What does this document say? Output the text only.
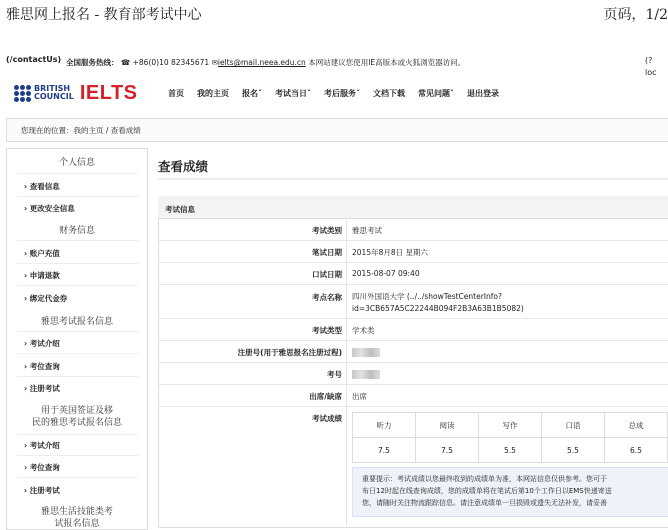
雅思网上报名 - 教育部考试中心	页码，1/2
(/contactUs) 全国服务热线： ☎ +86(0)10 82345671 ✉ielts@mail.neea.edu.cn 本网站建议您使用IE高版本或火狐浏览器访问。	(?
loc
BRITISH
COUNCIL IELTS	首页 我的主页 报名ˇ 考试当日ˇ 考后服务ˇ 文档下载 常见问题ˇ 退出登录
您现在的位置：我的主页 / 查看成绩
个人信息
› 查看信息
› 更改安全信息
财务信息
› 账户充值
› 申请退款
› 绑定代金券
雅思考试报名信息
› 考试介绍
› 考位查询
› 注册考试
用于英国签证及移
民的雅思考试报名信息
› 考试介绍
› 考位查询
› 注册考试
雅思生活技能类考
试报名信息
查看成绩
考试信息
考试类别 雅思考试
笔试日期 2015年8月8日 星期六
口试日期 2015-08-07 09:40
考点名称 四川外国语大学 (../../showTestCenterInfo?
id=3CB657A5C22244B094F2B3A63B1B5082)
考试类型 学术类
注册号(用于雅思报名注册过程)
考号
出席/缺席 出席
考试成绩
听力	阅读	写作	口语	总成
7.5	7.5	5.5	5.5	6.5
重要提示：考试成绩以您最终收到的成绩单为准，本网站信息仅供参考。您可于
布日12时起在线查询成绩，您的成绩单将在笔试后第10个工作日以EMS快递寄送
您，请随时关注物流跟踪信息。请注意成绩单一旦损毁或遗失无法补发，请妥善
